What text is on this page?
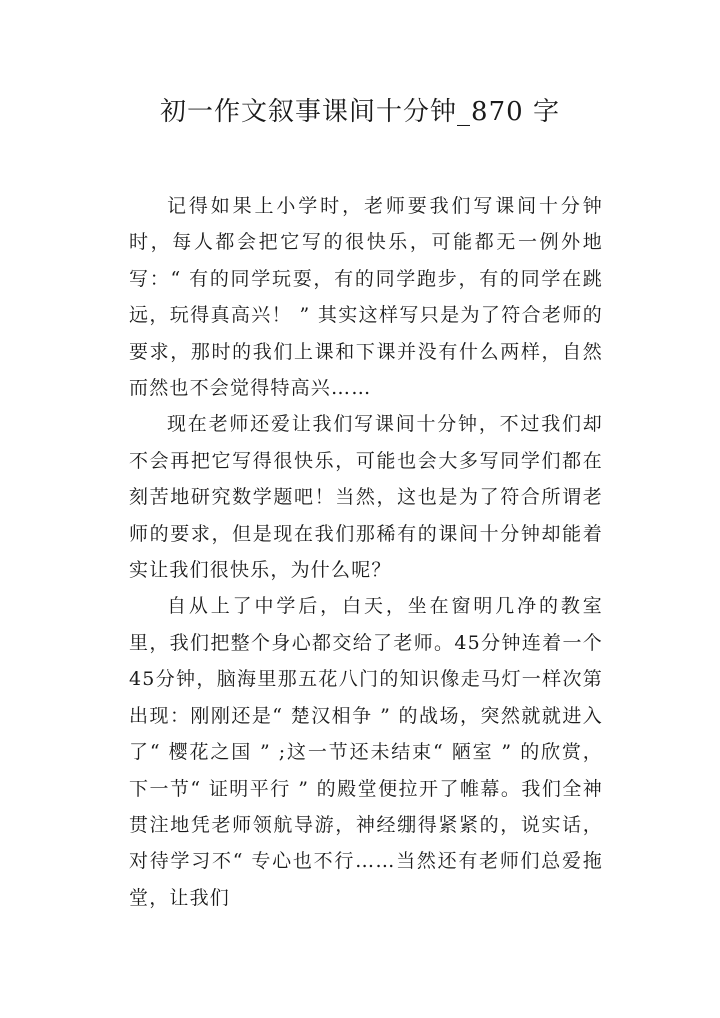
初一作文叙事课间十分钟_870 字

记得如果上小学时，老师要我们写课间十分钟时，每人都会把它写的很快乐，可能都无一例外地写：“ 有的同学玩耍，有的同学跑步，有的同学在跳远，玩得真高兴！ ” 其实这样写只是为了符合老师的要求，那时的我们上课和下课并没有什么两样，自然而然也不会觉得特高兴……

现在老师还爱让我们写课间十分钟，不过我们却不会再把它写得很快乐，可能也会大多写同学们都在刻苦地研究数学题吧！当然，这也是为了符合所谓老师的要求，但是现在我们那稀有的课间十分钟却能着实让我们很快乐，为什么呢？

自从上了中学后，白天，坐在窗明几净的教室里，我们把整个身心都交给了老师。45分钟连着一个45分钟，脑海里那五花八门的知识像走马灯一样次第出现：刚刚还是“ 楚汉相争 ” 的战场，突然就就进入了“ 樱花之国 ” ;这一节还未结束“ 陋室 ” 的欣赏，下一节“ 证明平行 ” 的殿堂便拉开了帷幕。我们全神贯注地凭老师领航导游，神经绷得紧紧的，说实话，对待学习不“ 专心也不行……当然还有老师们总爱拖堂，让我们
